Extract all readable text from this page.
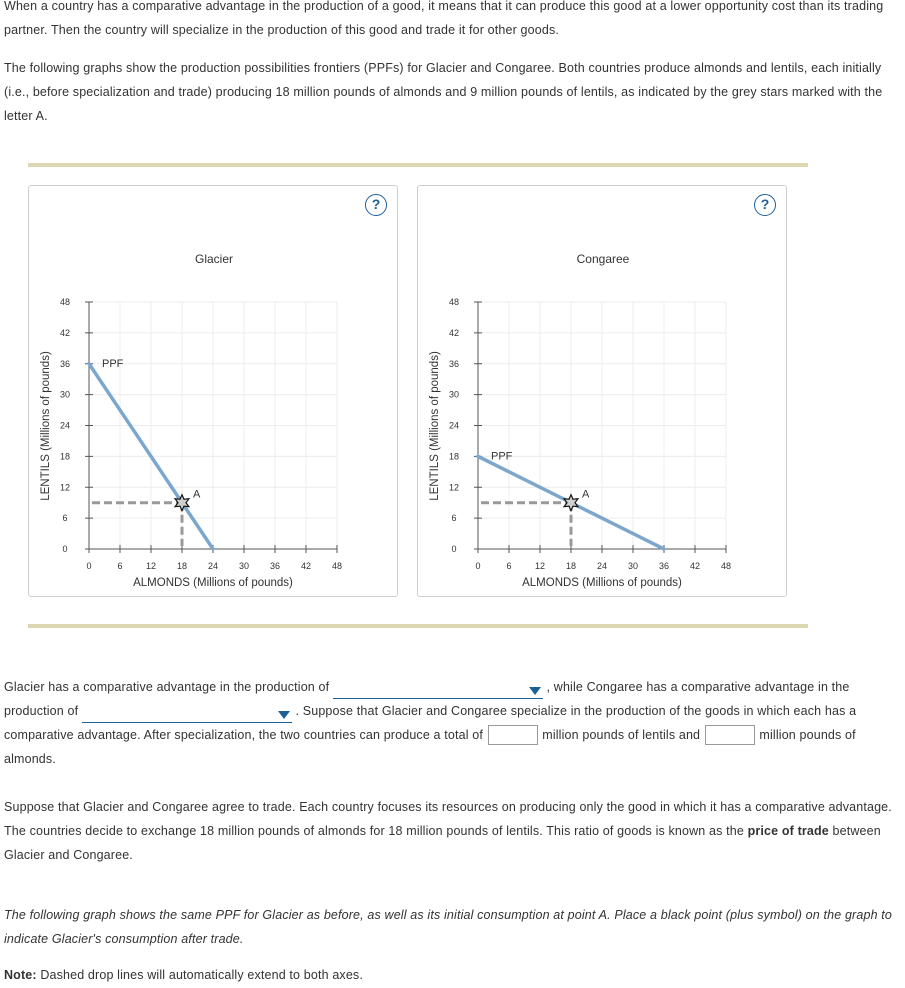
When a country has a comparative advantage in the production of a good, it means that it can produce this good at a lower opportunity cost than its trading partner. Then the country will specialize in the production of this good and trade it for other goods.

The following graphs show the production possibilities frontiers (PPFs) for Glacier and Congaree. Both countries produce almonds and lentils, each initially (i.e., before specialization and trade) producing 18 million pounds of almonds and 9 million pounds of lentils, as indicated by the grey stars marked with the letter A.

?
Glacier
0	6	12 18 24 30 36 42 48
0
6
12
18
24
30
36
42
48
ALMONDS (Millions of pounds)
LENTILS (Millions of pounds)	PPF
A
?
Congaree
0	6	12 18 24 30 36 42 48
0
6
12
18
24
30
36
42
48
ALMONDS (Millions of pounds)
LENTILS (Millions of pounds)	PPF
A
Glacier has a comparative advantage in the production of	, while Congaree has a comparative advantage in the
production of	. Suppose that Glacier and Congaree specialize in the production of the goods in which each has a
comparative advantage. After specialization, the two countries can produce a total of	million pounds of lentils and	million pounds of
almonds.

Suppose that Glacier and Congaree agree to trade. Each country focuses its resources on producing only the good in which it has a comparative advantage. The countries decide to exchange 18 million pounds of almonds for 18 million pounds of lentils. This ratio of goods is known as the price of trade between Glacier and Congaree.

The following graph shows the same PPF for Glacier as before, as well as its initial consumption at point A. Place a black point (plus symbol) on the graph to indicate Glacier's consumption after trade.

Note: Dashed drop lines will automatically extend to both axes.
